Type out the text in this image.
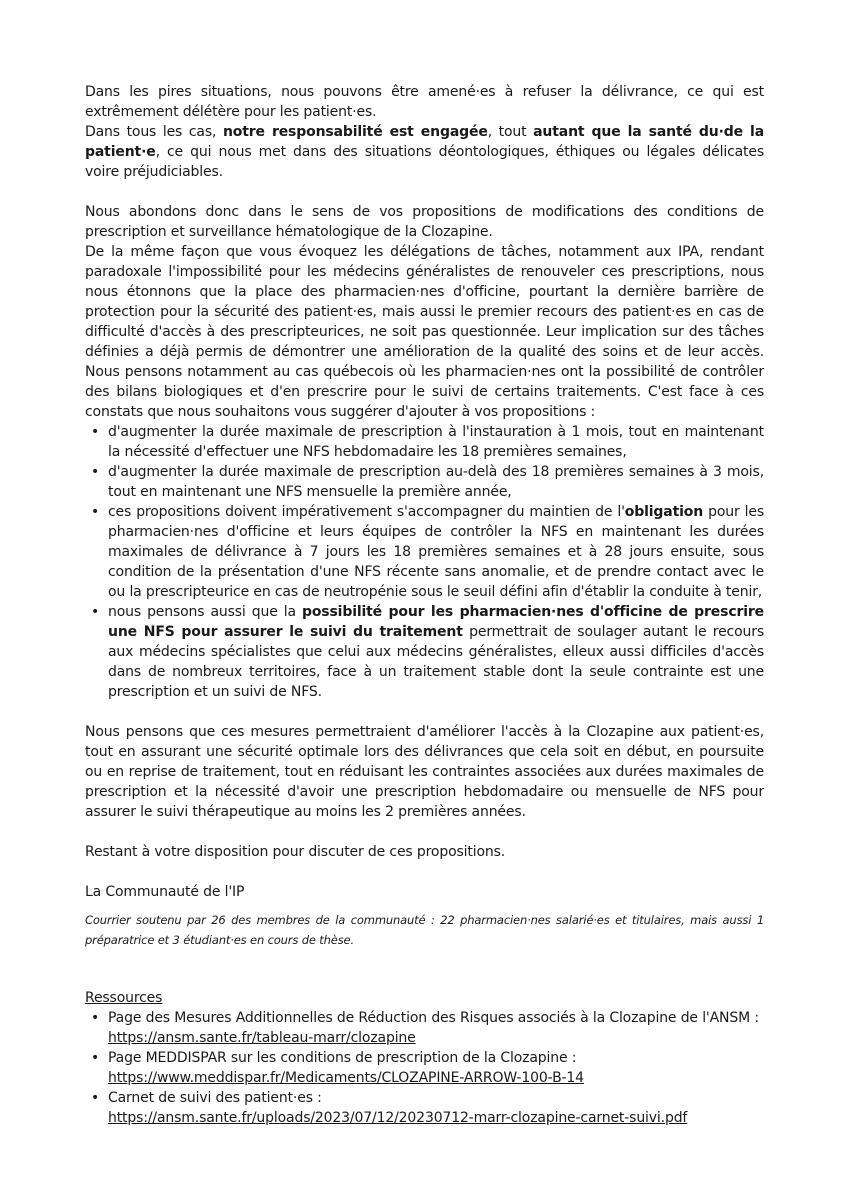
Dans les pires situations, nous pouvons être amené·es à refuser la délivrance, ce qui est extrêmement délétère pour les patient·es.

Dans tous les cas, notre responsabilité est engagée, tout autant que la santé du·de la patient·e, ce qui nous met dans des situations déontologiques, éthiques ou légales délicates voire préjudiciables.

Nous abondons donc dans le sens de vos propositions de modifications des conditions de prescription et surveillance hématologique de la Clozapine.

De la même façon que vous évoquez les délégations de tâches, notamment aux IPA, rendant paradoxale l'impossibilité pour les médecins généralistes de renouveler ces prescriptions, nous nous étonnons que la place des pharmacien·nes d'officine, pourtant la dernière barrière de protection pour la sécurité des patient·es, mais aussi le premier recours des patient·es en cas de difficulté d'accès à des prescripteurices, ne soit pas questionnée. Leur implication sur des tâches définies a déjà permis de démontrer une amélioration de la qualité des soins et de leur accès. Nous pensons notamment au cas québecois où les pharmacien·nes ont la possibilité de contrôler des bilans biologiques et d'en prescrire pour le suivi de certains traitements. C'est face à ces constats que nous souhaitons vous suggérer d'ajouter à vos propositions :

• d'augmenter la durée maximale de prescription à l'instauration à 1 mois, tout en maintenant la nécessité d'effectuer une NFS hebdomadaire les 18 premières semaines,
• d'augmenter la durée maximale de prescription au-delà des 18 premières semaines à 3 mois, tout en maintenant une NFS mensuelle la première année,
• ces propositions doivent impérativement s'accompagner du maintien de l'obligation pour les pharmacien·nes d'officine et leurs équipes de contrôler la NFS en maintenant les durées maximales de délivrance à 7 jours les 18 premières semaines et à 28 jours ensuite, sous condition de la présentation d'une NFS récente sans anomalie, et de prendre contact avec le ou la prescripteurice en cas de neutropénie sous le seuil défini afin d'établir la conduite à tenir,
• nous pensons aussi que la possibilité pour les pharmacien·nes d'officine de prescrire une NFS pour assurer le suivi du traitement permettrait de soulager autant le recours aux médecins spécialistes que celui aux médecins généralistes, elleux aussi difficiles d'accès dans de nombreux territoires, face à un traitement stable dont la seule contrainte est une prescription et un suivi de NFS.

Nous pensons que ces mesures permettraient d'améliorer l'accès à la Clozapine aux patient·es, tout en assurant une sécurité optimale lors des délivrances que cela soit en début, en poursuite ou en reprise de traitement, tout en réduisant les contraintes associées aux durées maximales de prescription et la nécessité d'avoir une prescription hebdomadaire ou mensuelle de NFS pour assurer le suivi thérapeutique au moins les 2 premières années.

Restant à votre disposition pour discuter de ces propositions.

La Communauté de l'IP

Courrier soutenu par 26 des membres de la communauté : 22 pharmacien·nes salarié·es et titulaires, mais aussi 1 préparatrice et 3 étudiant·es en cours de thèse.

Ressources

• Page des Mesures Additionnelles de Réduction des Risques associés à la Clozapine de l'ANSM :
https://ansm.sante.fr/tableau-marr/clozapine
• Page MEDDISPAR sur les conditions de prescription de la Clozapine :
https://www.meddispar.fr/Medicaments/CLOZAPINE-ARROW-100-B-14
• Carnet de suivi des patient·es :
https://ansm.sante.fr/uploads/2023/07/12/20230712-marr-clozapine-carnet-suivi.pdf
